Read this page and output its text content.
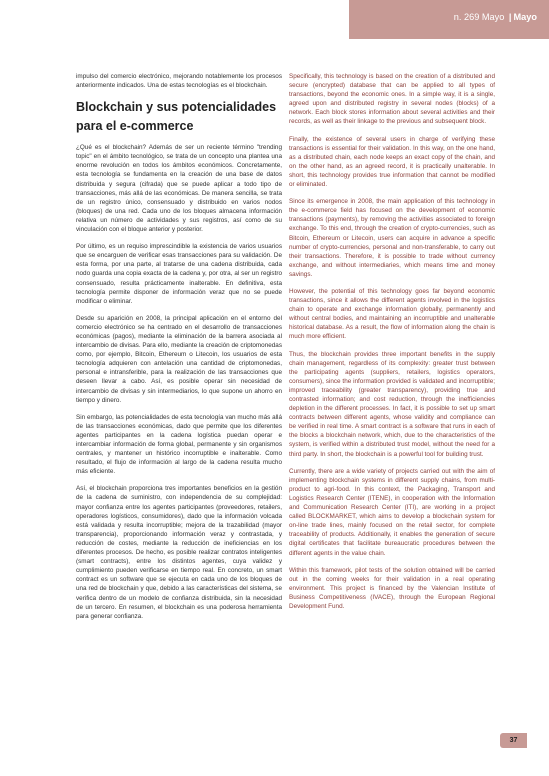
n. 269 Mayo | Mayo

impulso del comercio electrónico, mejorando notablemente los procesos anteriormente indicados. Una de estas tecnologías es el blockchain.

Blockchain y sus potencialidades para el e-commerce

¿Qué es el blockchain? Además de ser un reciente término "trending topic" en el ámbito tecnológico, se trata de un concepto una plantea una enorme revolución en todos los ámbitos económicos. Concretamente, esta tecnología se fundamenta en la creación de una base de datos distribuida y segura (cifrada) que se puede aplicar a todo tipo de transacciones, más allá de las económicas. De manera sencilla, se trata de un registro único, consensuado y distribuido en varios nodos (bloques) de una red. Cada uno de los bloques almacena información relativa un número de actividades y sus registros, así como de su vinculación con el bloque anterior y posterior.

Por último, es un requiso imprescindible la existencia de varios usuarios que se encarguen de verificar esas transacciones para su validación. De esta forma, por una parte, al tratarse de una cadena distribuida, cada nodo guarda una copia exacta de la cadena y, por otra, al ser un registro consensuado, resulta prácticamente inalterable. En definitiva, esta tecnología permite disponer de información veraz que no se puede modificar o eliminar.

Desde su aparición en 2008, la principal aplicación en el entorno del comercio electrónico se ha centrado en el desarrollo de transacciones económicas (pagos), mediante la eliminación de la barrera asociada al intercambio de divisas. Para ello, mediante la creación de criptomonedas como, por ejemplo, Bitcoin, Ethereum o Litecoin, los usuarios de esta tecnología adquieren con antelación una cantidad de criptomonedas, personal e intransferible, para la realización de las transacciones que deseen llevar a cabo. Así, es posible operar sin necesidad de intercambio de divisas y sin intermediarios, lo que supone un ahorro en tiempo y dinero.

Sin embargo, las potencialidades de esta tecnología van mucho más allá de las transacciones económicas, dado que permite que los diferentes agentes participantes en la cadena logística puedan operar e intercambiar información de forma global, permanente y sin organismos centrales, y mantener un histórico incorruptible e inalterable. Como resultado, el flujo de información al largo de la cadena resulta mucho más eficiente.

Así, el blockchain proporciona tres importantes beneficios en la gestión de la cadena de suministro, con independencia de su complejidad: mayor confianza entre los agentes participantes (proveedores, retailers, operadores logísticos, consumidores), dado que la información volcada está validada y resulta incorruptible; mejora de la trazabilidad (mayor transparencia), proporcionando información veraz y contrastada, y reducción de costes, mediante la reducción de ineficiencias en los diferentes procesos. De hecho, es posible realizar contratos inteligentes (smart contracts), entre los distintos agentes, cuya validez y cumplimiento pueden verificarse en tiempo real. En concreto, un smart contract es un software que se ejecuta en cada uno de los bloques de una red de blockchain y que, debido a las características del sistema, se verifica dentro de un modelo de confianza distribuida, sin la necesidad de un tercero. En resumen, el blockchain es una poderosa herramienta para generar confianza.

Specifically, this technology is based on the creation of a distributed and secure (encrypted) database that can be applied to all types of transactions, beyond the economic ones. In a simple way, it is a single, agreed upon and distributed registry in several nodes (blocks) of a network. Each block stores information about several activities and their records, as well as their linkage to the previous and subsequent block.

Finally, the existence of several users in charge of verifying these transactions is essential for their validation. In this way, on the one hand, as a distributed chain, each node keeps an exact copy of the chain, and on the other hand, as an agreed record, it is practically unalterable. In short, this technology provides true information that cannot be modified or eliminated.

Since its emergence in 2008, the main application of this technology in the e-commerce field has focused on the development of economic transactions (payments), by removing the activities associated to foreign exchange. To this end, through the creation of crypto-currencies, such as Bitcoin, Ethereum or Litecoin, users can acquire in advance a specific number of crypto-currencies, personal and non-transferable, to carry out their transactions. Therefore, it is possible to trade without currency exchange, and without intermediaries, which means time and money savings.

However, the potential of this technology goes far beyond economic transactions, since it allows the different agents involved in the logistics chain to operate and exchange information globally, permanently and without central bodies, and maintaining an incorruptible and unalterable historical database. As a result, the flow of information along the chain is much more efficient.

Thus, the blockchain provides three important benefits in the supply chain management, regardless of its complexity: greater trust between the participating agents (suppliers, retailers, logistics operators, consumers), since the information provided is validated and incorruptible; improved traceability (greater transparency), providing true and contrasted information; and cost reduction, through the inefficiencies depletion in the different processes. In fact, it is possible to set up smart contracts between different agents, whose validity and compliance can be verified in real time. A smart contract is a software that runs in each of the blocks a blockchain network, which, due to the characteristics of the system, is verified within a distributed trust model, without the need for a third party. In short, the blockchain is a powerful tool for building trust.

Currently, there are a wide variety of projects carried out with the aim of implementing blockchain systems in different supply chains, from multi-product to agri-food. In this context, the Packaging, Transport and Logistics Research Center (ITENE), in cooperation with the Information and Communication Research Center (ITI), are working in a project called BLOCKMARKET, which aims to develop a blockchain system for on-line trade lines, mainly focused on the retail sector, for complete traceability of products. Additionally, it enables the generation of secure digital certificates that facilitate bureaucratic procedures between the different agents in the value chain.

Within this framework, pilot tests of the solution obtained will be carried out in the coming weeks for their validation in a real operating environment. This project is financed by the Valencian Institute of Business Competitiveness (IVACE), through the European Regional Development Fund.

37
